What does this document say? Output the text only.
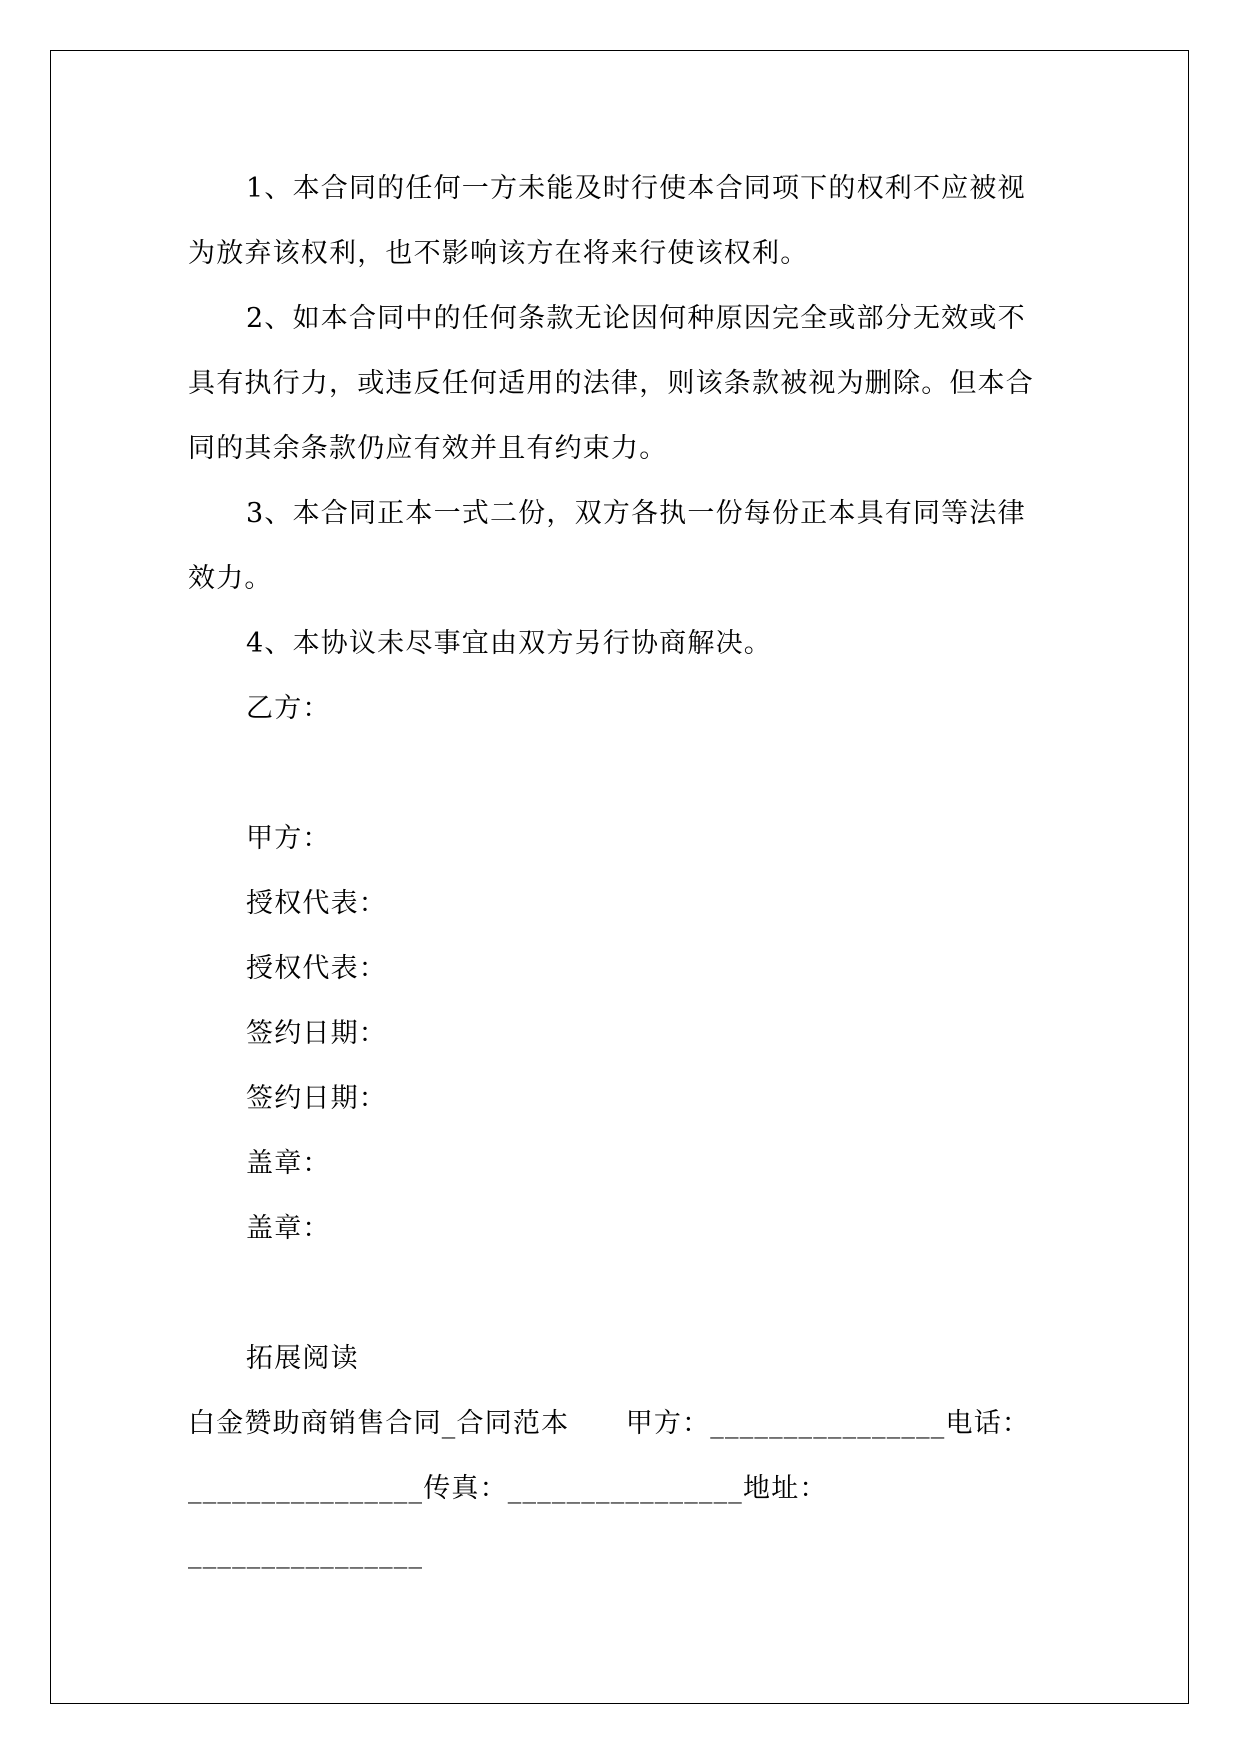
1、本合同的任何一方未能及时行使本合同项下的权利不应被视
为放弃该权利，也不影响该方在将来行使该权利。
2、如本合同中的任何条款无论因何种原因完全或部分无效或不
具有执行力，或违反任何适用的法律，则该条款被视为删除。但本合
同的其余条款仍应有效并且有约束力。
3、本合同正本一式二份，双方各执一份每份正本具有同等法律
效力。
4、本协议未尽事宜由双方另行协商解决。
乙方：
甲方：
授权代表：
授权代表：
签约日期：
签约日期：
盖章：
盖章：
拓展阅读
白金赞助商销售合同_合同范本　　甲方：________________电话：
________________传真：________________地址：
________________
